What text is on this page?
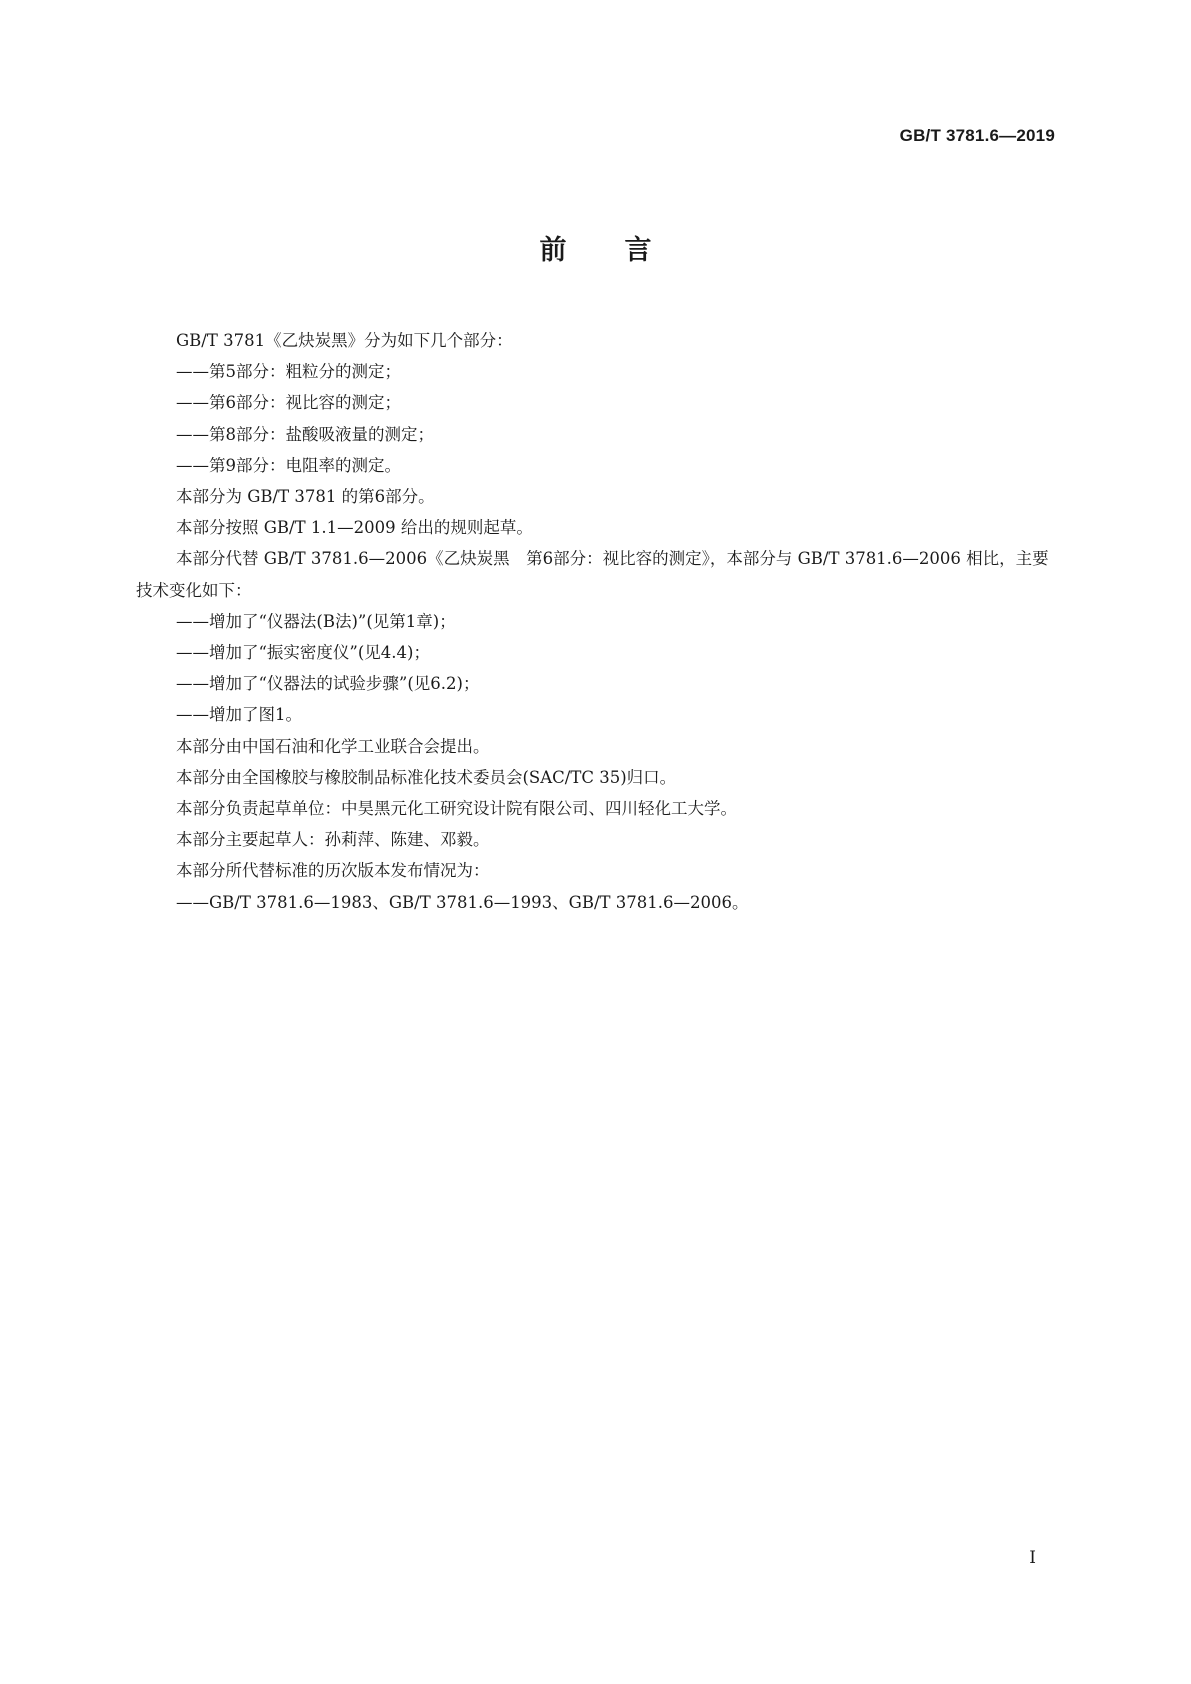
GB/T 3781.6—2019
前言

GB/T 3781《乙炔炭黑》分为如下几个部分：

——第5部分：粗粒分的测定；

——第6部分：视比容的测定；

——第8部分：盐酸吸液量的测定；

——第9部分：电阻率的测定。

本部分为 GB/T 3781 的第6部分。

本部分按照 GB/T 1.1—2009 给出的规则起草。

本部分代替 GB/T 3781.6—2006《乙炔炭黑　第6部分：视比容的测定》，本部分与 GB/T 3781.6—2006 相比，主要技术变化如下：

——增加了“仪器法(B法)”(见第1章)；

——增加了“振实密度仪”(见4.4)；

——增加了“仪器法的试验步骤”(见6.2)；

——增加了图1。

本部分由中国石油和化学工业联合会提出。

本部分由全国橡胶与橡胶制品标准化技术委员会(SAC/TC 35)归口。

本部分负责起草单位：中昊黑元化工研究设计院有限公司、四川轻化工大学。

本部分主要起草人：孙莉萍、陈建、邓毅。

本部分所代替标准的历次版本发布情况为：

——GB/T 3781.6—1983、GB/T 3781.6—1993、GB/T 3781.6—2006。

I
